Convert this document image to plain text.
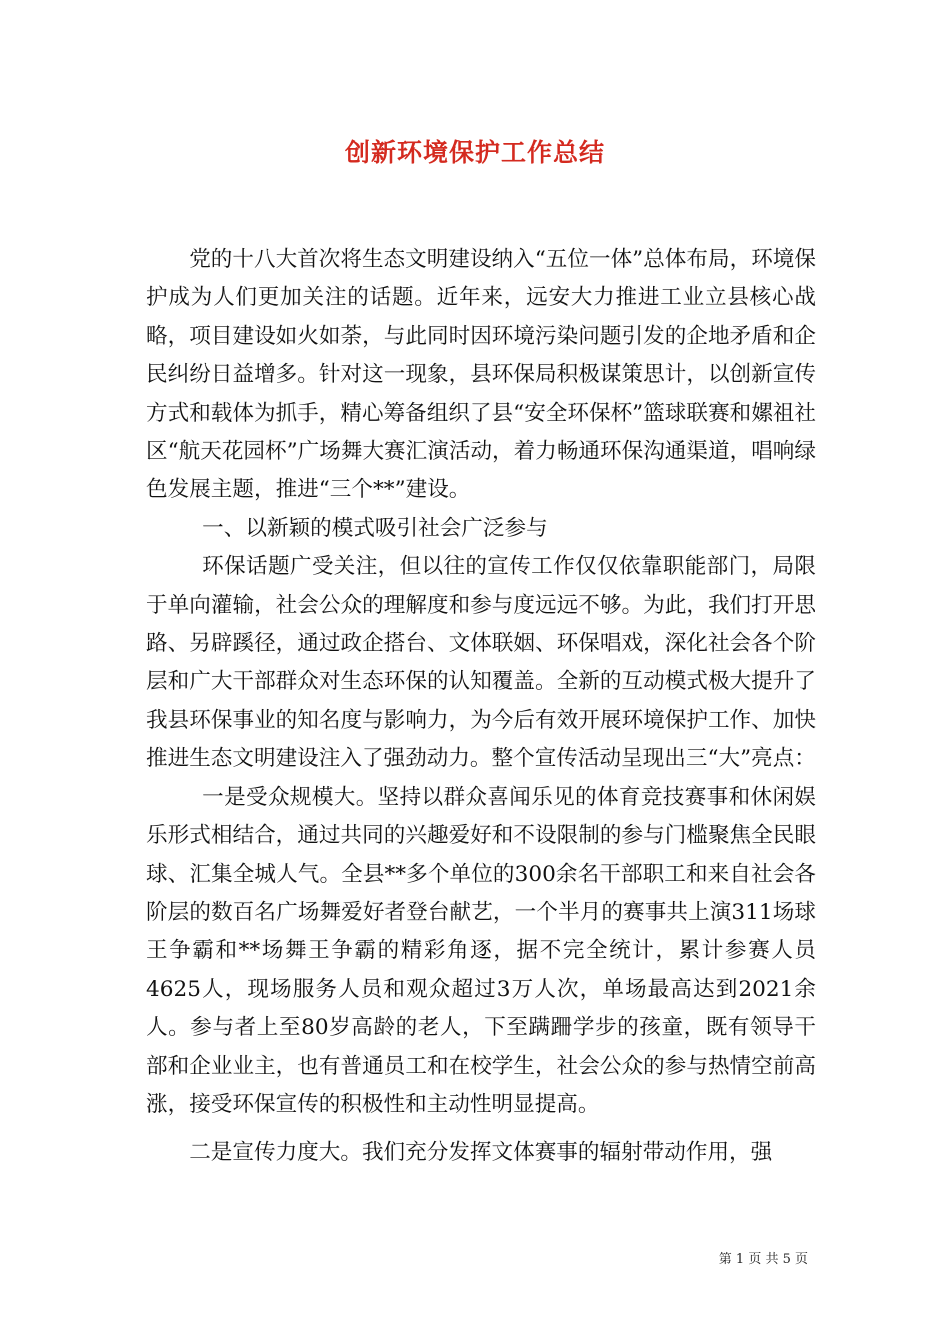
创新环境保护工作总结

党的十八大首次将生态文明建设纳入“五位一体”总体布局，环境保护成为人们更加关注的话题。近年来，远安大力推进工业立县核心战略，项目建设如火如荼，与此同时因环境污染问题引发的企地矛盾和企民纠纷日益增多。针对这一现象，县环保局积极谋策思计，以创新宣传方式和载体为抓手，精心筹备组织了县“安全环保杯”篮球联赛和嫘祖社区“航天花园杯”广场舞大赛汇演活动，着力畅通环保沟通渠道，唱响绿色发展主题，推进“三个**”建设。

一、以新颖的模式吸引社会广泛参与

环保话题广受关注，但以往的宣传工作仅仅依靠职能部门，局限于单向灌输，社会公众的理解度和参与度远远不够。为此，我们打开思路、另辟蹊径，通过政企搭台、文体联姻、环保唱戏，深化社会各个阶层和广大干部群众对生态环保的认知覆盖。全新的互动模式极大提升了我县环保事业的知名度与影响力，为今后有效开展环境保护工作、加快推进生态文明建设注入了强劲动力。整个宣传活动呈现出三“大”亮点：

一是受众规模大。坚持以群众喜闻乐见的体育竞技赛事和休闲娱乐形式相结合，通过共同的兴趣爱好和不设限制的参与门槛聚焦全民眼球、汇集全城人气。全县**多个单位的300余名干部职工和来自社会各阶层的数百名广场舞爱好者登台献艺，一个半月的赛事共上演311场球王争霸和**场舞王争霸的精彩角逐，据不完全统计，累计参赛人员4625人，现场服务人员和观众超过3万人次，单场最高达到2021余人。参与者上至80岁高龄的老人，下至蹒跚学步的孩童，既有领导干部和企业业主，也有普通员工和在校学生，社会公众的参与热情空前高涨，接受环保宣传的积极性和主动性明显提高。

二是宣传力度大。我们充分发挥文体赛事的辐射带动作用，强

第 1 页 共 5 页
